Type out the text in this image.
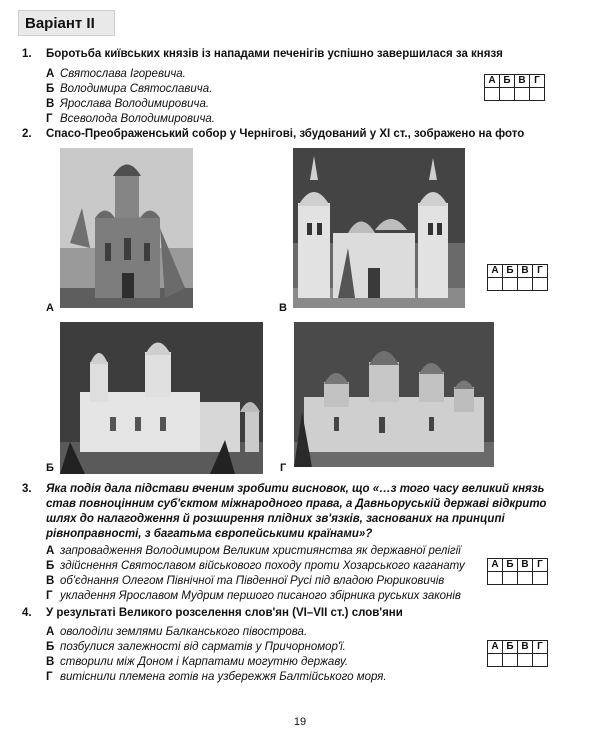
Варіант ІІ
1. Боротьба київських князів із нападами печенігів успішно завершилася за князя
А Святослава Ігоревича.
Б Володимира Святославича.
В Ярослава Володимировича.
Г Всеволода Володимировича.
А	Б	В	Г

2. Спасо-Преображенський собор у Чернігові, збудований у XI ст., зображено на фото
А	В
Б	Г
А	Б	В	Г

3. Яка подія дала підстави вченим зробити висновок, що «…з того часу великий князь став повноцінним суб'єктом міжнародного права, а Давньоруській державі відкрито шлях до налагодження й розширення плідних зв'язків, заснованих на принципі рівноправності, з багатьма європейськими країнами»?
А запровадження Володимиром Великим християнства як державної релігії
Б здійснення Святославом військового походу проти Хозарського каганату
В об'єднання Олегом Північної та Південної Русі під владою Рюриковичів
Г укладення Ярославом Мудрим першого писаного збірника руських законів
А	Б	В	Г

4. У результаті Великого розселення слов'ян (VI–VII ст.) слов'яни
А оволоділи землями Балканського півострова.
Б позбулися залежності від сарматів у Причорномор'ї.
В створили між Доном і Карпатами могутню державу.
Г витіснили племена готів на узбережжя Балтійського моря.
А	Б	В	Г

19
